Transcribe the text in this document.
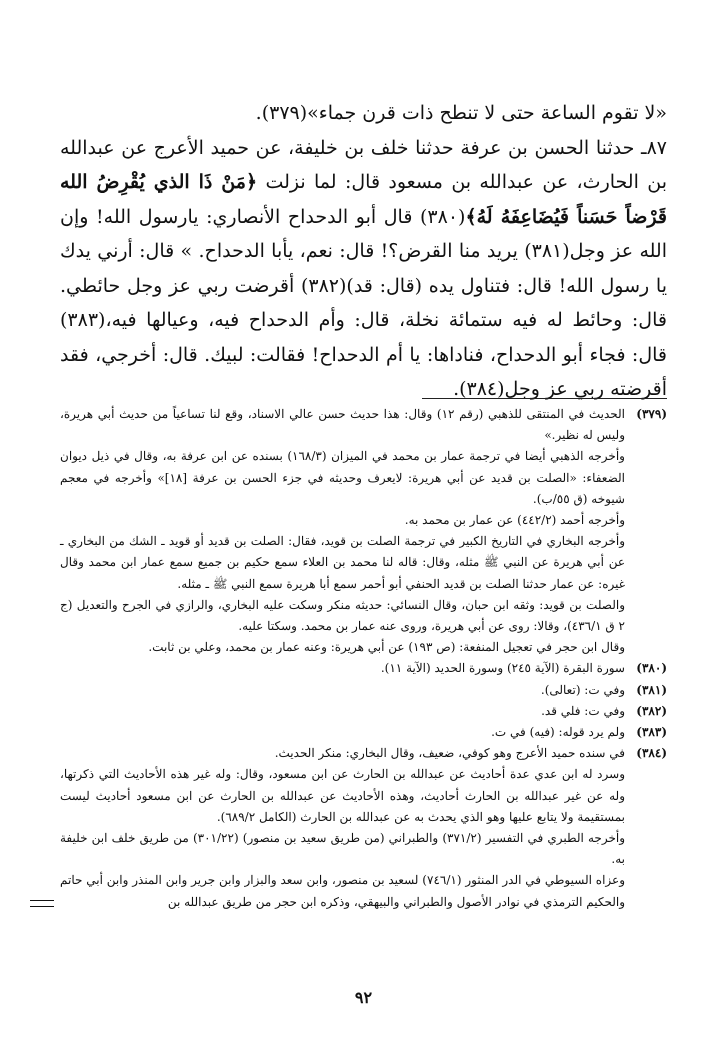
«لا تقوم الساعة حتى لا تنطح ذات قرن جماء»(٣٧٩).

٨٧ـ حدثنا الحسن بن عرفة حدثنا خلف بن خليفة، عن حميد الأعرج عن عبدالله بن الحارث، عن عبدالله بن مسعود قال: لما نزلت ﴿مَنْ ذَا الذي يُقْرِضُ الله قَرْضاً حَسَناً فَيُضَاعِفَهُ لَهُ﴾(٣٨٠) قال أبو الدحداح الأنصاري: يارسول الله! وإن الله عز وجل(٣٨١) يريد منا القرض؟! قال: نعم، يأبا الدحداح. » قال: أرني يدك يا رسول الله! قال: فتناول يده (قال: قد)(٣٨٢) أقرضت ربي عز وجل حائطي. قال: وحائط له فيه ستمائة نخلة، قال: وأم الدحداح فيه، وعيالها فيه،(٣٨٣) قال: فجاء أبو الدحداح، فناداها: يا أم الدحداح! فقالت: لبيك. قال: أخرجي، فقد أقرضته ربي عز وجل(٣٨٤).

(٣٧٩)
الحديث في المنتقى للذهبي (رقم ١٢) وقال: هذا حديث حسن عالي الاسناد، وقع لنا تساعياً من حديث أبي هريرة، وليس له نظير.»
وأخرجه الذهبي أيضا في ترجمة عمار بن محمد في الميزان (١٦٨/٣) بسنده عن ابن عرفة به، وقال في ذيل ديوان الضعفاء: «الصلت بن قديد عن أبي هريرة: لايعرف وحديثه في جزء الحسن بن عرفة [١٨]» وأخرجه في معجم شيوخه (ق ٥٥/ب).
وأخرجه أحمد (٤٤٢/٢) عن عمار بن محمد به.
وأخرجه البخاري في التاريخ الكبير في ترجمة الصلت بن قويد، فقال: الصلت بن قديد أو قويد ـ الشك من البخاري ـ عن أبي هريرة عن النبي ﷺ مثله، وقال: قاله لنا محمد بن العلاء سمع حكيم بن جميع سمع عمار ابن محمد وقال غيره: عن عمار حدثنا الصلت بن قديد الحنفي أبو أحمر سمع أبا هريرة سمع النبي ﷺ ـ مثله.
والصلت بن قويد: وثقه ابن حبان، وقال النسائي: حديثه منكر وسكت عليه البخاري، والرازي في الجرح والتعديل (ج ٢ ق ٤٣٦/١)، وقالا: روى عن أبي هريرة، وروى عنه عمار بن محمد. وسكتا عليه.
وقال ابن حجر في تعجيل المنفعة: (ص ١٩٣) عن أبي هريرة: وعنه عمار بن محمد، وعلي بن ثابت.
(٣٨٠)
سورة البقرة (الآية ٢٤٥) وسورة الحديد (الآية ١١).
(٣٨١)
وفي ت: (تعالى).
(٣٨٢)
وفي ت: فلي قد.
(٣٨٣)
ولم يرد قوله: (فيه) في ت.
(٣٨٤)
في سنده حميد الأعرج وهو كوفي، ضعيف، وقال البخاري: منكر الحديث.
وسرد له ابن عدي عدة أحاديث عن عبدالله بن الحارث عن ابن مسعود، وقال: وله غير هذه الأحاديث التي ذكرتها، وله عن غير عبدالله بن الحارث أحاديث، وهذه الأحاديث عن عبدالله بن الحارث عن ابن مسعود أحاديث ليست بمستقيمة ولا يتابع عليها وهو الذي يحدث به عن عبدالله بن الحارث (الكامل ٦٨٩/٢).
وأخرجه الطبري في التفسير (٣٧١/٢) والطبراني (من طريق سعيد بن منصور) (٣٠١/٢٢) من طريق خلف ابن خليفة به.
وعزاه السيوطي في الدر المنثور (٧٤٦/١) لسعيد بن منصور، وابن سعد والبزار وابن جرير وابن المنذر وابن أبي حاتم والحكيم الترمذي في نوادر الأصول والطبراني والبيهقي، وذكره ابن حجر من طريق عبدالله بن
٩٢
